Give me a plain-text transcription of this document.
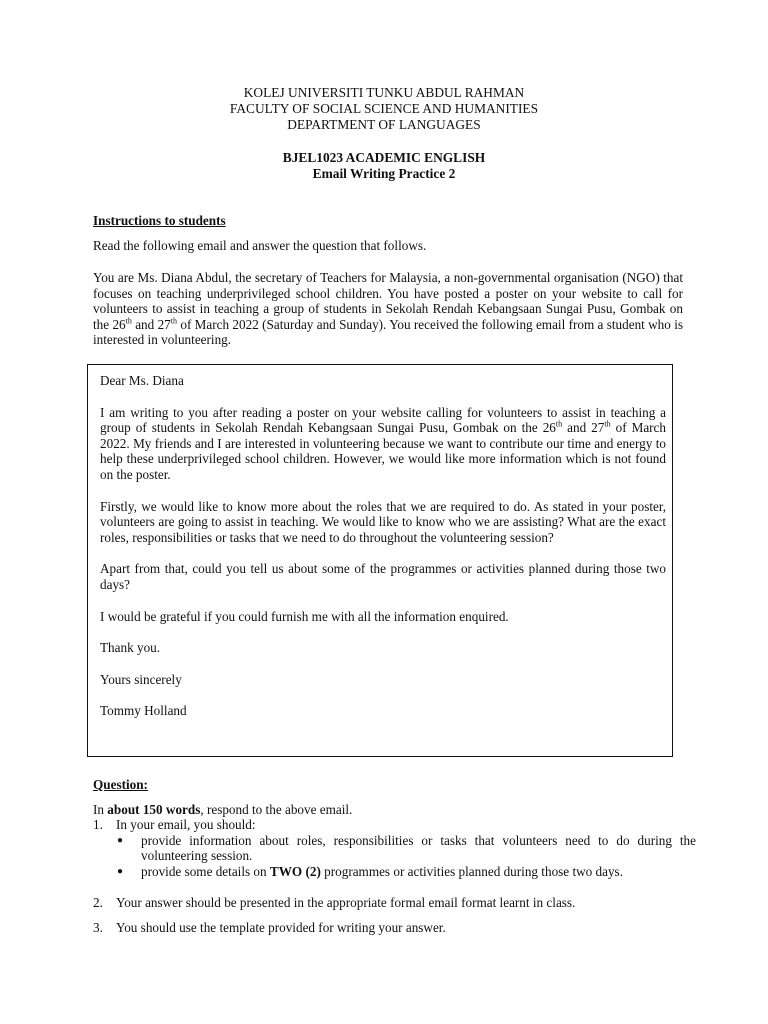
KOLEJ UNIVERSITI TUNKU ABDUL RAHMAN
FACULTY OF SOCIAL SCIENCE AND HUMANITIES
DEPARTMENT OF LANGUAGES
BJEL1023 ACADEMIC ENGLISH
Email Writing Practice 2
Instructions to students
Read the following email and answer the question that follows.
You are Ms. Diana Abdul, the secretary of Teachers for Malaysia, a non-governmental organisation (NGO) that focuses on teaching underprivileged school children. You have posted a poster on your website to call for volunteers to assist in teaching a group of students in Sekolah Rendah Kebangsaan Sungai Pusu, Gombak on the 26th and 27th of March 2022 (Saturday and Sunday). You received the following email from a student who is interested in volunteering.

Dear Ms. Diana

I am writing to you after reading a poster on your website calling for volunteers to assist in teaching a group of students in Sekolah Rendah Kebangsaan Sungai Pusu, Gombak on the 26th and 27th of March 2022. My friends and I are interested in volunteering because we want to contribute our time and energy to help these underprivileged school children. However, we would like more information which is not found on the poster.

Firstly, we would like to know more about the roles that we are required to do. As stated in your poster, volunteers are going to assist in teaching. We would like to know who we are assisting? What are the exact roles, responsibilities or tasks that we need to do throughout the volunteering session?

Apart from that, could you tell us about some of the programmes or activities planned during those two days?

I would be grateful if you could furnish me with all the information enquired.

Thank you.

Yours sincerely

Tommy Holland

Question:
In about 150 words, respond to the above email.
1. In your email, you should:
●	provide information about roles, responsibilities or tasks that volunteers need to do during the volunteering session.
●	provide some details on TWO (2) programmes or activities planned during those two days.
2. Your answer should be presented in the appropriate formal email format learnt in class.
3. You should use the template provided for writing your answer.
